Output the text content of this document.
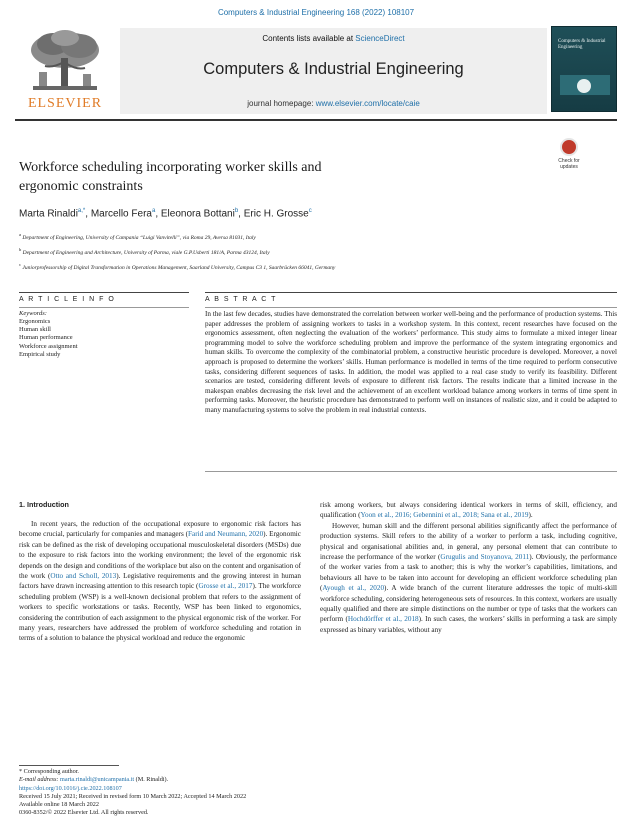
Computers & Industrial Engineering 168 (2022) 108107
ELSEVIER
Contents lists available at ScienceDirect
Computers & Industrial Engineering
journal homepage: www.elsevier.com/locate/caie
Computers & Industrial Engineering
Workforce scheduling incorporating worker skills and
ergonomic constraints
Check for
updates
Marta Rinaldi$^{a,*}$, Marcello Fera$^a$, Eleonora Bottani$^b$, Eric H. Grosse$^c$
$^a$ Department of Engineering, University of Campania “Luigi Vanvitelli”, via Roma 29, Aversa 81031, Italy
$^b$ Department of Engineering and Architecture, University of Parma, viale G.P.Usberti 181/A, Parma 43124, Italy
$^c$ Juniorprofessorship of Digital Transformation in Operations Management, Saarland University, Campus C3 1, Saarbrücken 66041, Germany
A R T I C L E I N F O	A B S T R A C T
Keywords:
Ergonomics
Human skill
Human performance
Workforce assignment
Empirical study
In the last few decades, studies have demonstrated the correlation between worker well-being and the performance of production systems. This paper addresses the problem of assigning workers to tasks in a workshop system. In this context, recent researches have focused on the ergonomics assessment, often neglecting the evaluation of the workers’ performance. This study aims to formulate a mixed integer linear programming model to solve the workforce scheduling problem and improve the performance of the system integrating ergonomics and human skills. To overcome the complexity of the combinatorial problem, a constructive heuristic procedure is developed. Moreover, a novel approach is proposed to determine the workers’ skills. Human performance is modelled in terms of the time required to perform consecutive tasks, considering different sequences of tasks. In addition, the model was applied to a real case study to verify its feasibility. Different scenarios are tested, considering different levels of exposure to different risk factors. The results indicate that a limited increase in the makespan enables decreasing the risk level and the achievement of an excellent workload balance among workers in terms of time spent in performing tasks. Moreover, the heuristic procedure has demonstrated to perform well on instances of realistic size, and it could be adapted to many manufacturing systems to solve the problem in real industrial contexts.
1. Introduction

In recent years, the reduction of the occupational exposure to ergonomic risk factors has become crucial, particularly for companies and managers (Farid and Neumann, 2020). Ergonomic risk can be defined as the risk of developing occupational musculoskeletal disorders (MSDs) due to the exposure to risk factors into the working environment; the level of the ergonomic risk depends on the design and conditions of the workplace but also on the content and organisation of the work (Otto and Scholl, 2013). Legislative requirements and the growing interest in human factors have drawn increasing attention to this research topic (Grosse et al., 2017). The workforce scheduling problem (WSP) is a well-known decisional problem that refers to the assignment of workers to specific workstations or tasks. Recently, WSP has been linked to ergonomics, considering the contribution of each assignment to the physical ergonomic risk of the worker. For many years, researchers have addressed the problem of workforce scheduling and rotation in terms of a solution to balance the physical workload and reduce the ergonomic

risk among workers, but always considering identical workers in terms of skill, efficiency, and qualification (Yoon et al., 2016; Gebennini et al., 2018; Sana et al., 2019).

However, human skill and the different personal abilities significantly affect the performance of production systems. Skill refers to the ability of a worker to perform a task, including cognitive, physical and organisational abilities and, in general, any personal element that can contribute to increase the performance of the worker (Grugulis and Stoyanova, 2011). Obviously, the performance of the worker varies from a task to another; this is why the worker’s capabilities, limitations, and behaviours all have to be taken into account for developing an efficient workforce scheduling plan (Ayough et al., 2020). A wide branch of the current literature addresses the topic of multi-skill workforce scheduling, considering heterogeneous sets of resources. In this context, workers are usually equally qualified and there are simple distinctions on the number or type of tasks that the workers can perform (Hochdörffer et al., 2018). In such cases, the workers’ skills in performing a task are simply expressed as binary variables, without any

* Corresponding author.
E-mail address: marta.rinaldi@unicampania.it (M. Rinaldi).
https://doi.org/10.1016/j.cie.2022.108107
Received 15 July 2021; Received in revised form 10 March 2022; Accepted 14 March 2022
Available online 18 March 2022
0360-8352/© 2022 Elsevier Ltd. All rights reserved.
